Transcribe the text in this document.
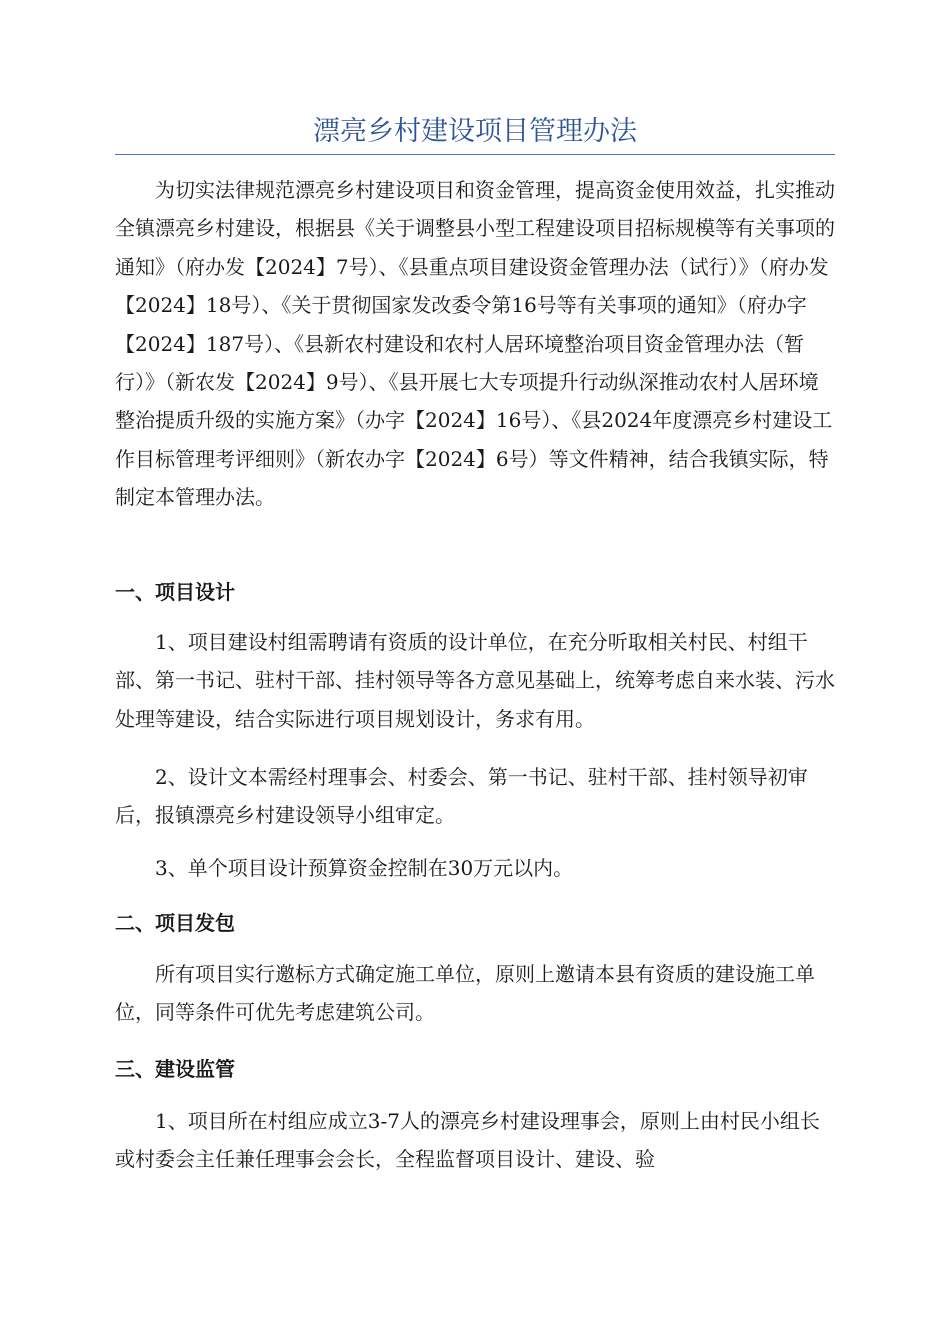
漂亮乡村建设项目管理办法
为切实法律规范漂亮乡村建设项目和资金管理，提高资金使用效益，扎实推动全镇漂亮乡村建设，根据县《关于调整县小型工程建设项目招标规模等有关事项的通知》（府办发【2024】7号）、《县重点项目建设资金管理办法（试行）》（府办发【2024】18号）、《关于贯彻国家发改委令第16号等有关事项的通知》（府办字【2024】187号）、《县新农村建设和农村人居环境整治项目资金管理办法（暂行）》（新农发【2024】9号）、《县开展七大专项提升行动纵深推动农村人居环境整治提质升级的实施方案》（办字【2024】16号）、《县2024年度漂亮乡村建设工作目标管理考评细则》（新农办字【2024】6号）等文件精神，结合我镇实际，特制定本管理办法。
一、项目设计
1、项目建设村组需聘请有资质的设计单位，在充分听取相关村民、村组干部、第一书记、驻村干部、挂村领导等各方意见基础上，统筹考虑自来水装、污水处理等建设，结合实际进行项目规划设计，务求有用。
2、设计文本需经村理事会、村委会、第一书记、驻村干部、挂村领导初审后，报镇漂亮乡村建设领导小组审定。
3、单个项目设计预算资金控制在30万元以内。
二、项目发包
所有项目实行邀标方式确定施工单位，原则上邀请本县有资质的建设施工单位，同等条件可优先考虑建筑公司。
三、建设监管
1、项目所在村组应成立3-7人的漂亮乡村建设理事会，原则上由村民小组长或村委会主任兼任理事会会长，全程监督项目设计、建设、验
